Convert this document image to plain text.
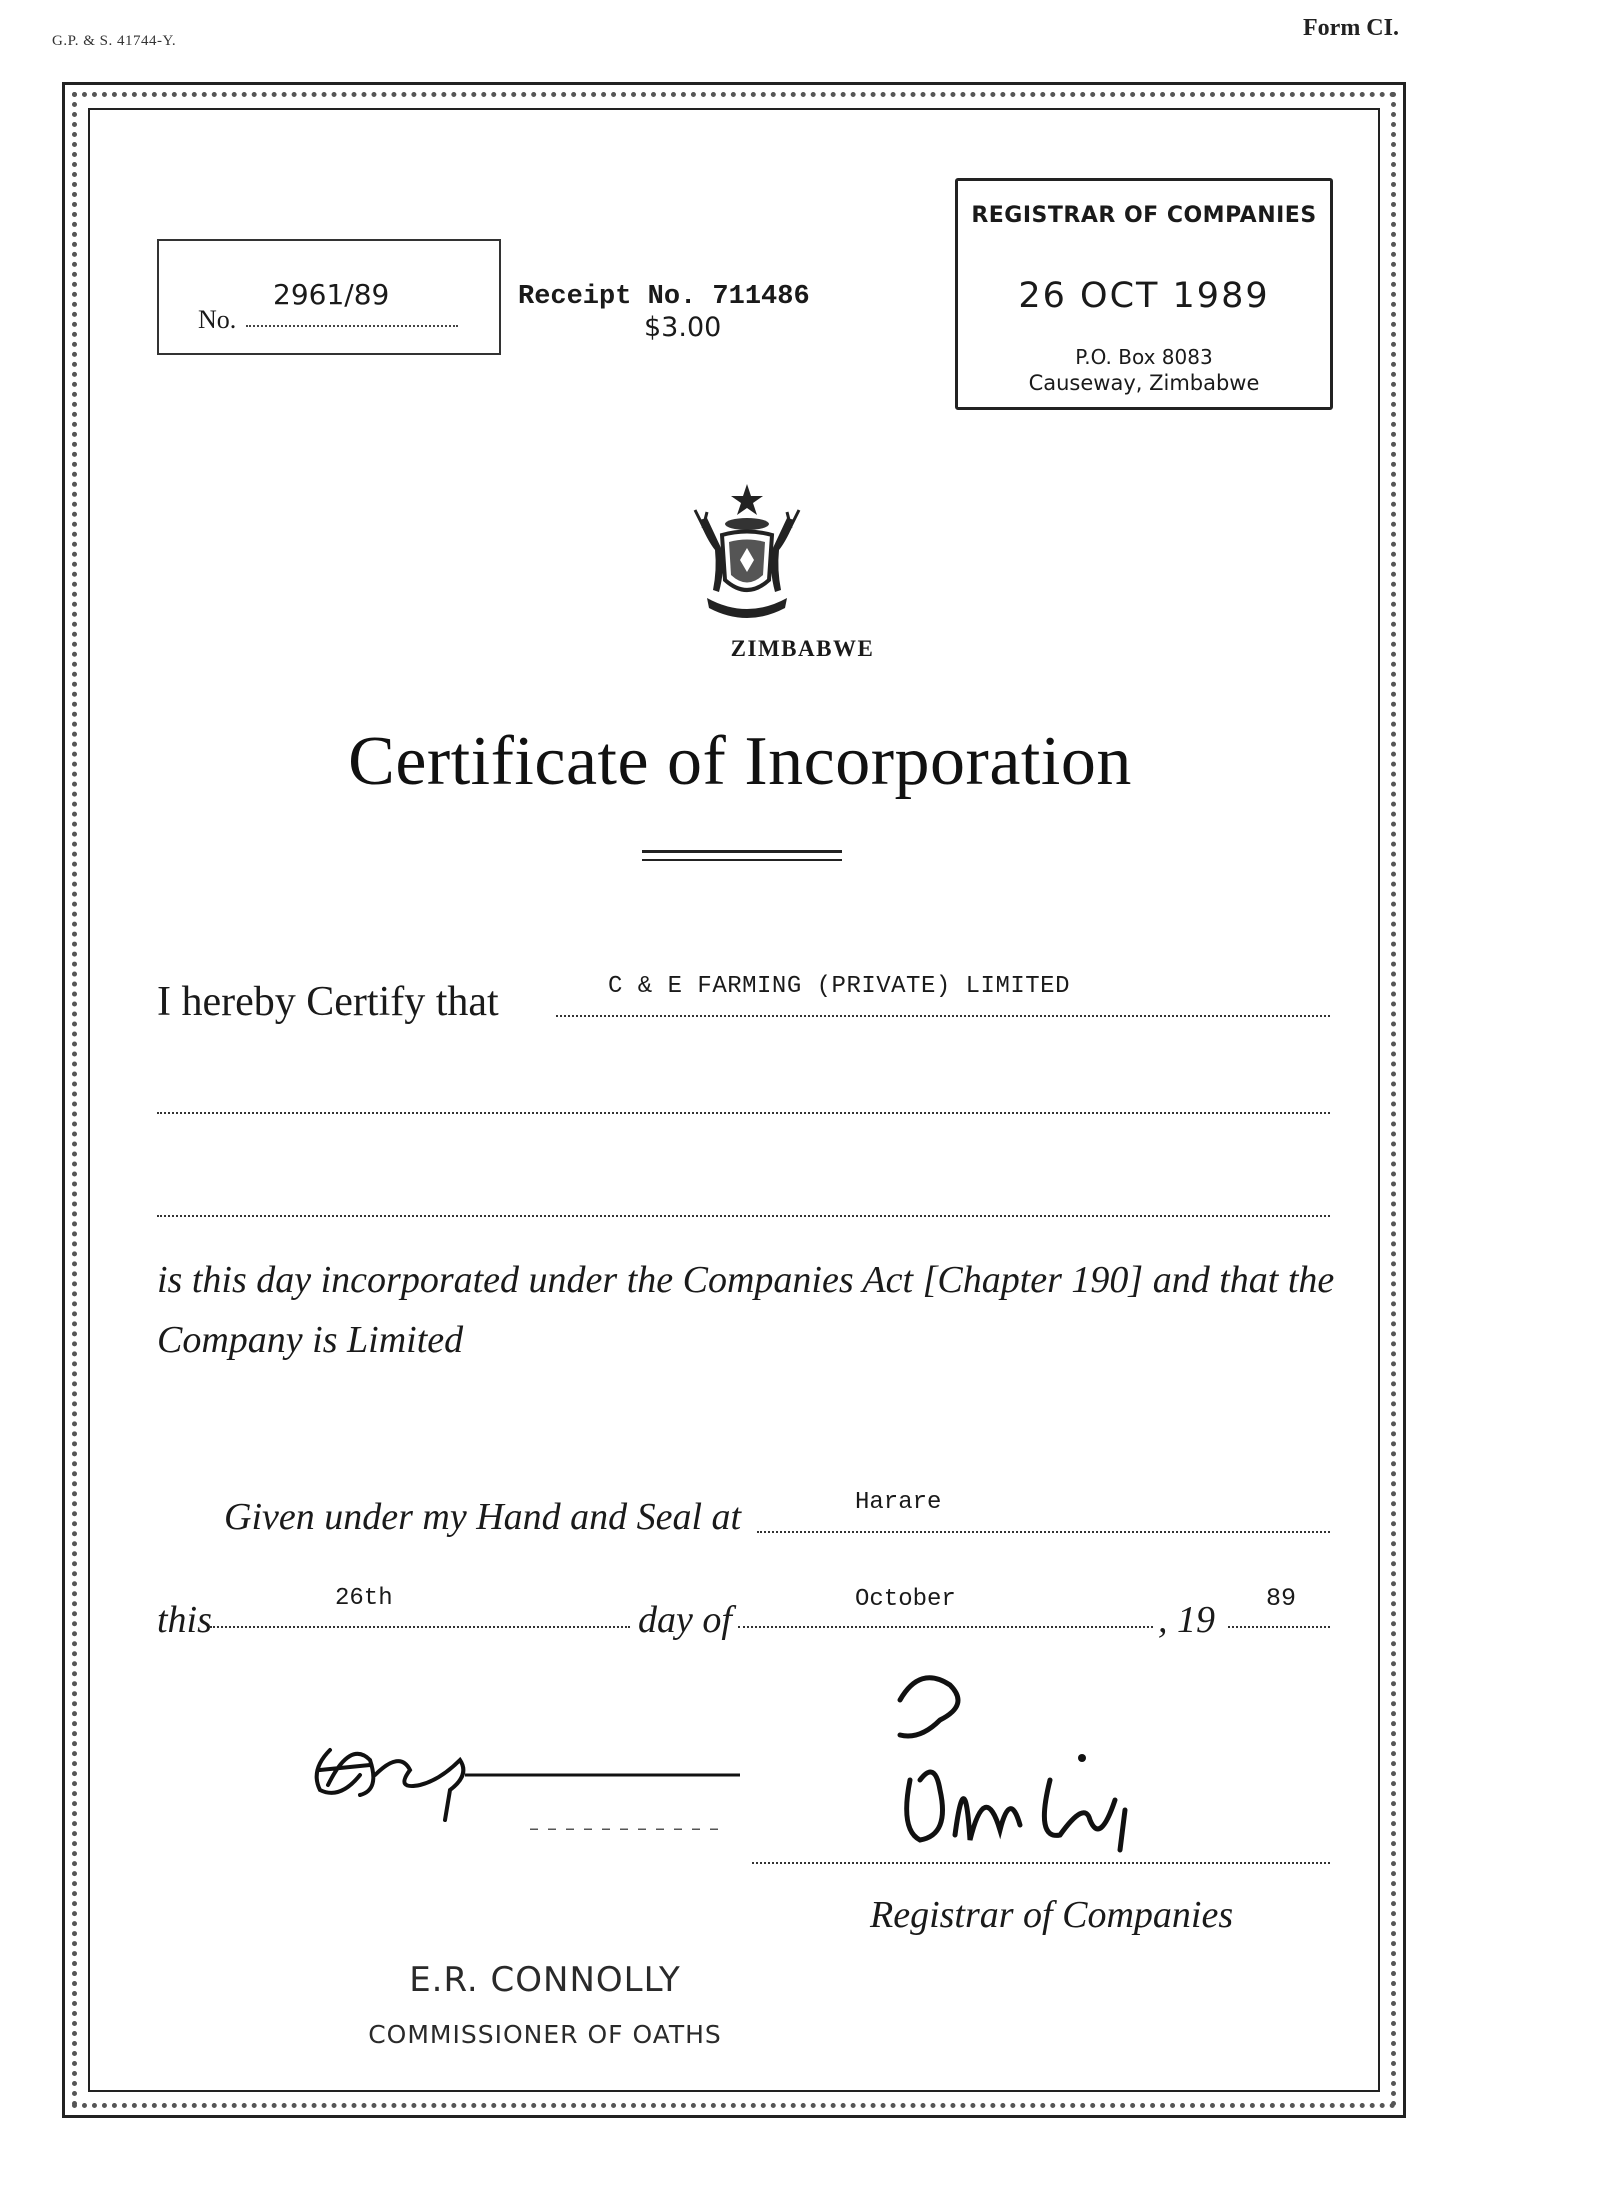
G.P. & S. 41744-Y.	Form CI.
No.
2961/89	Receipt No. 711486
$3.00
REGISTRAR OF COMPANIES
26 OCT 1989
P.O. Box 8083
Causeway, Zimbabwe
ZIMBABWE
Certificate of Incorporation
I hereby Certify that	C & E FARMING (PRIVATE) LIMITED
is this day incorporated under the Companies Act [Chapter 190] and that the
Company is Limited
Given under my Hand and Seal at	Harare
this
26th
day of	October	, 19
89
Registrar of Companies
E.R. CONNOLLY
COMMISSIONER OF OATHS
